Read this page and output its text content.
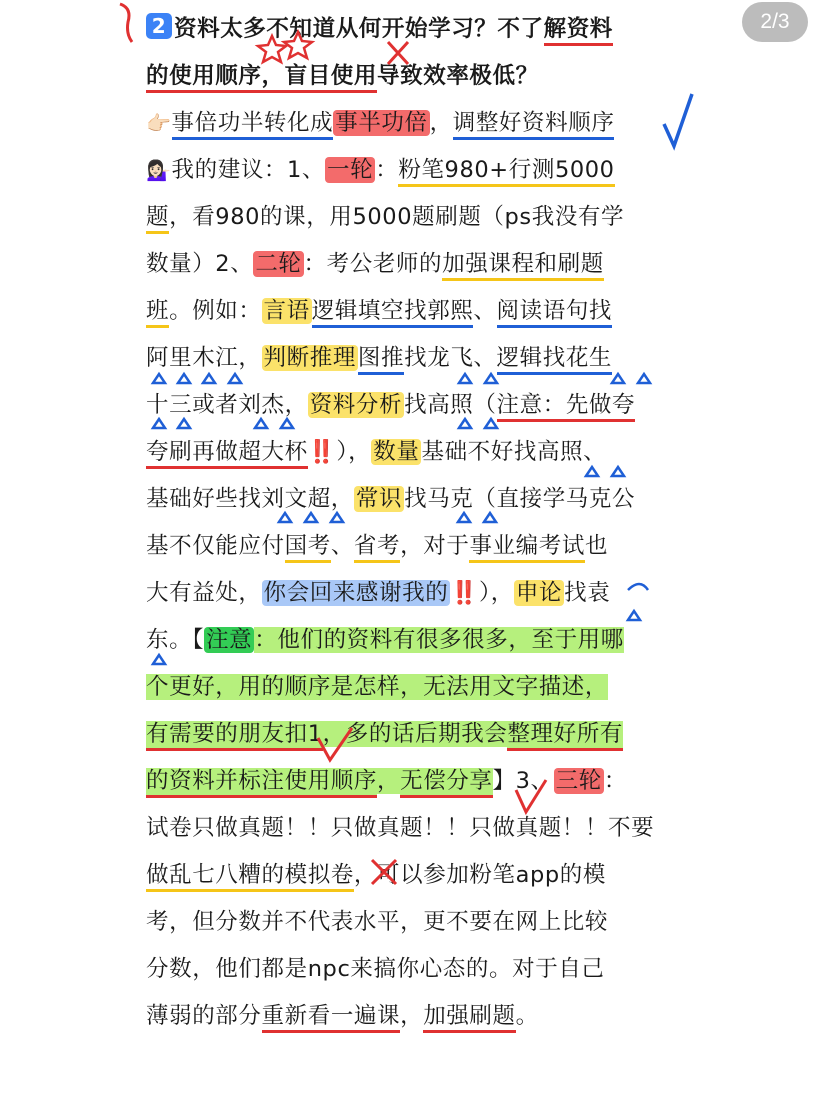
2/3
2 资料太多不知道从何开始学习？不了解资料
的使用顺序，盲目使用导致效率极低？
👉🏻事倍功半转化成事半功倍，调整好资料顺序
💁🏻‍♀️我的建议：1、一轮：粉笔980+行测5000
题，看980的课，用5000题刷题（ps我没有学
数量）2、二轮：考公老师的加强课程和刷题
班。例如：言语逻辑填空找郭熙、阅读语句找
阿里木江，判断推理图推找龙飞、逻辑找花生
十三或者刘杰，资料分析找高照（注意：先做夸
夸刷再做超大杯‼️），数量基础不好找高照、
基础好些找刘文超，常识找马克（直接学马克公
基不仅能应付国考、省考，对于事业编考试也
大有益处，你会回来感谢我的‼️），申论找袁
东。【注意：他们的资料有很多很多，至于用哪
个更好，用的顺序是怎样，无法用文字描述，
有需要的朋友扣1，多的话后期我会整理好所有
的资料并标注使用顺序，无偿分享】3、三轮：
试卷只做真题！！只做真题！！只做真题！！不要
做乱七八糟的模拟卷，可以参加粉笔app的模
考，但分数并不代表水平，更不要在网上比较
分数，他们都是npc来搞你心态的。对于自己
薄弱的部分重新看一遍课，加强刷题。
